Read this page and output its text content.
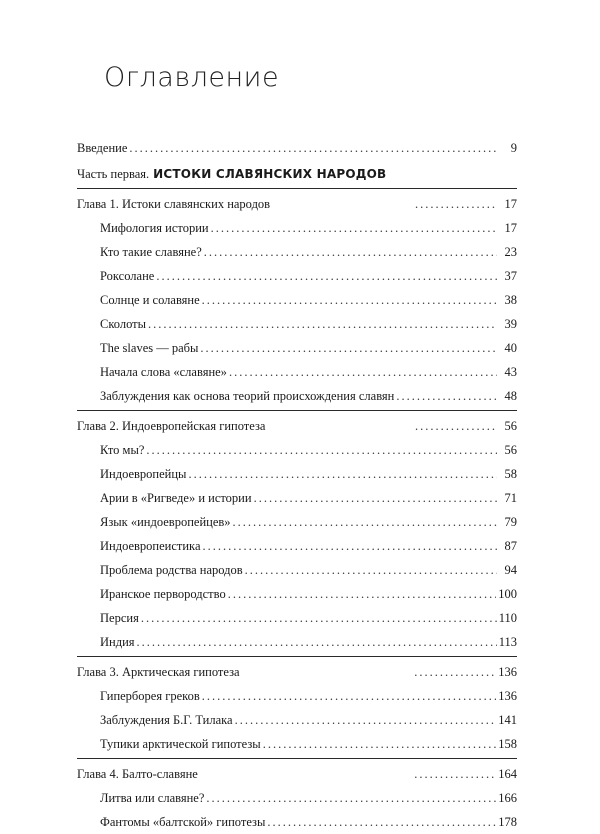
Оглавление
Введение .....	9
Часть первая. ИСТОКИ СЛАВЯНСКИХ НАРОДОВ
Глава 1. Истоки славянских народов .....	17
Мифология истории .....	17
Кто такие славяне? .....	23
Роксолане .....	37
Солнце и солавяне .....	38
Сколоты .....	39
The slaves — рабы .....	40
Начала слова «славяне» .....	43
Заблуждения как основа теорий происхождения славян .....	48
Глава 2. Индоевропейская гипотеза .....	56
Кто мы? .....	56
Индоевропейцы .....	58
Арии в «Ригведе» и истории .....	71
Язык «индоевропейцев» .....	79
Индоевропеистика .....	87
Проблема родства народов .....	94
Иранское первородство .....	100
Персия .....	110
Индия .....	113
Глава 3. Арктическая гипотеза .....	136
Гиперборея греков .....	136
Заблуждения Б.Г. Тилака .....	141
Тупики арктической гипотезы .....	158
Глава 4. Балто-славяне .....	164
Литва или славяне? .....	166
Фантомы «балтской» гипотезы .....	178
